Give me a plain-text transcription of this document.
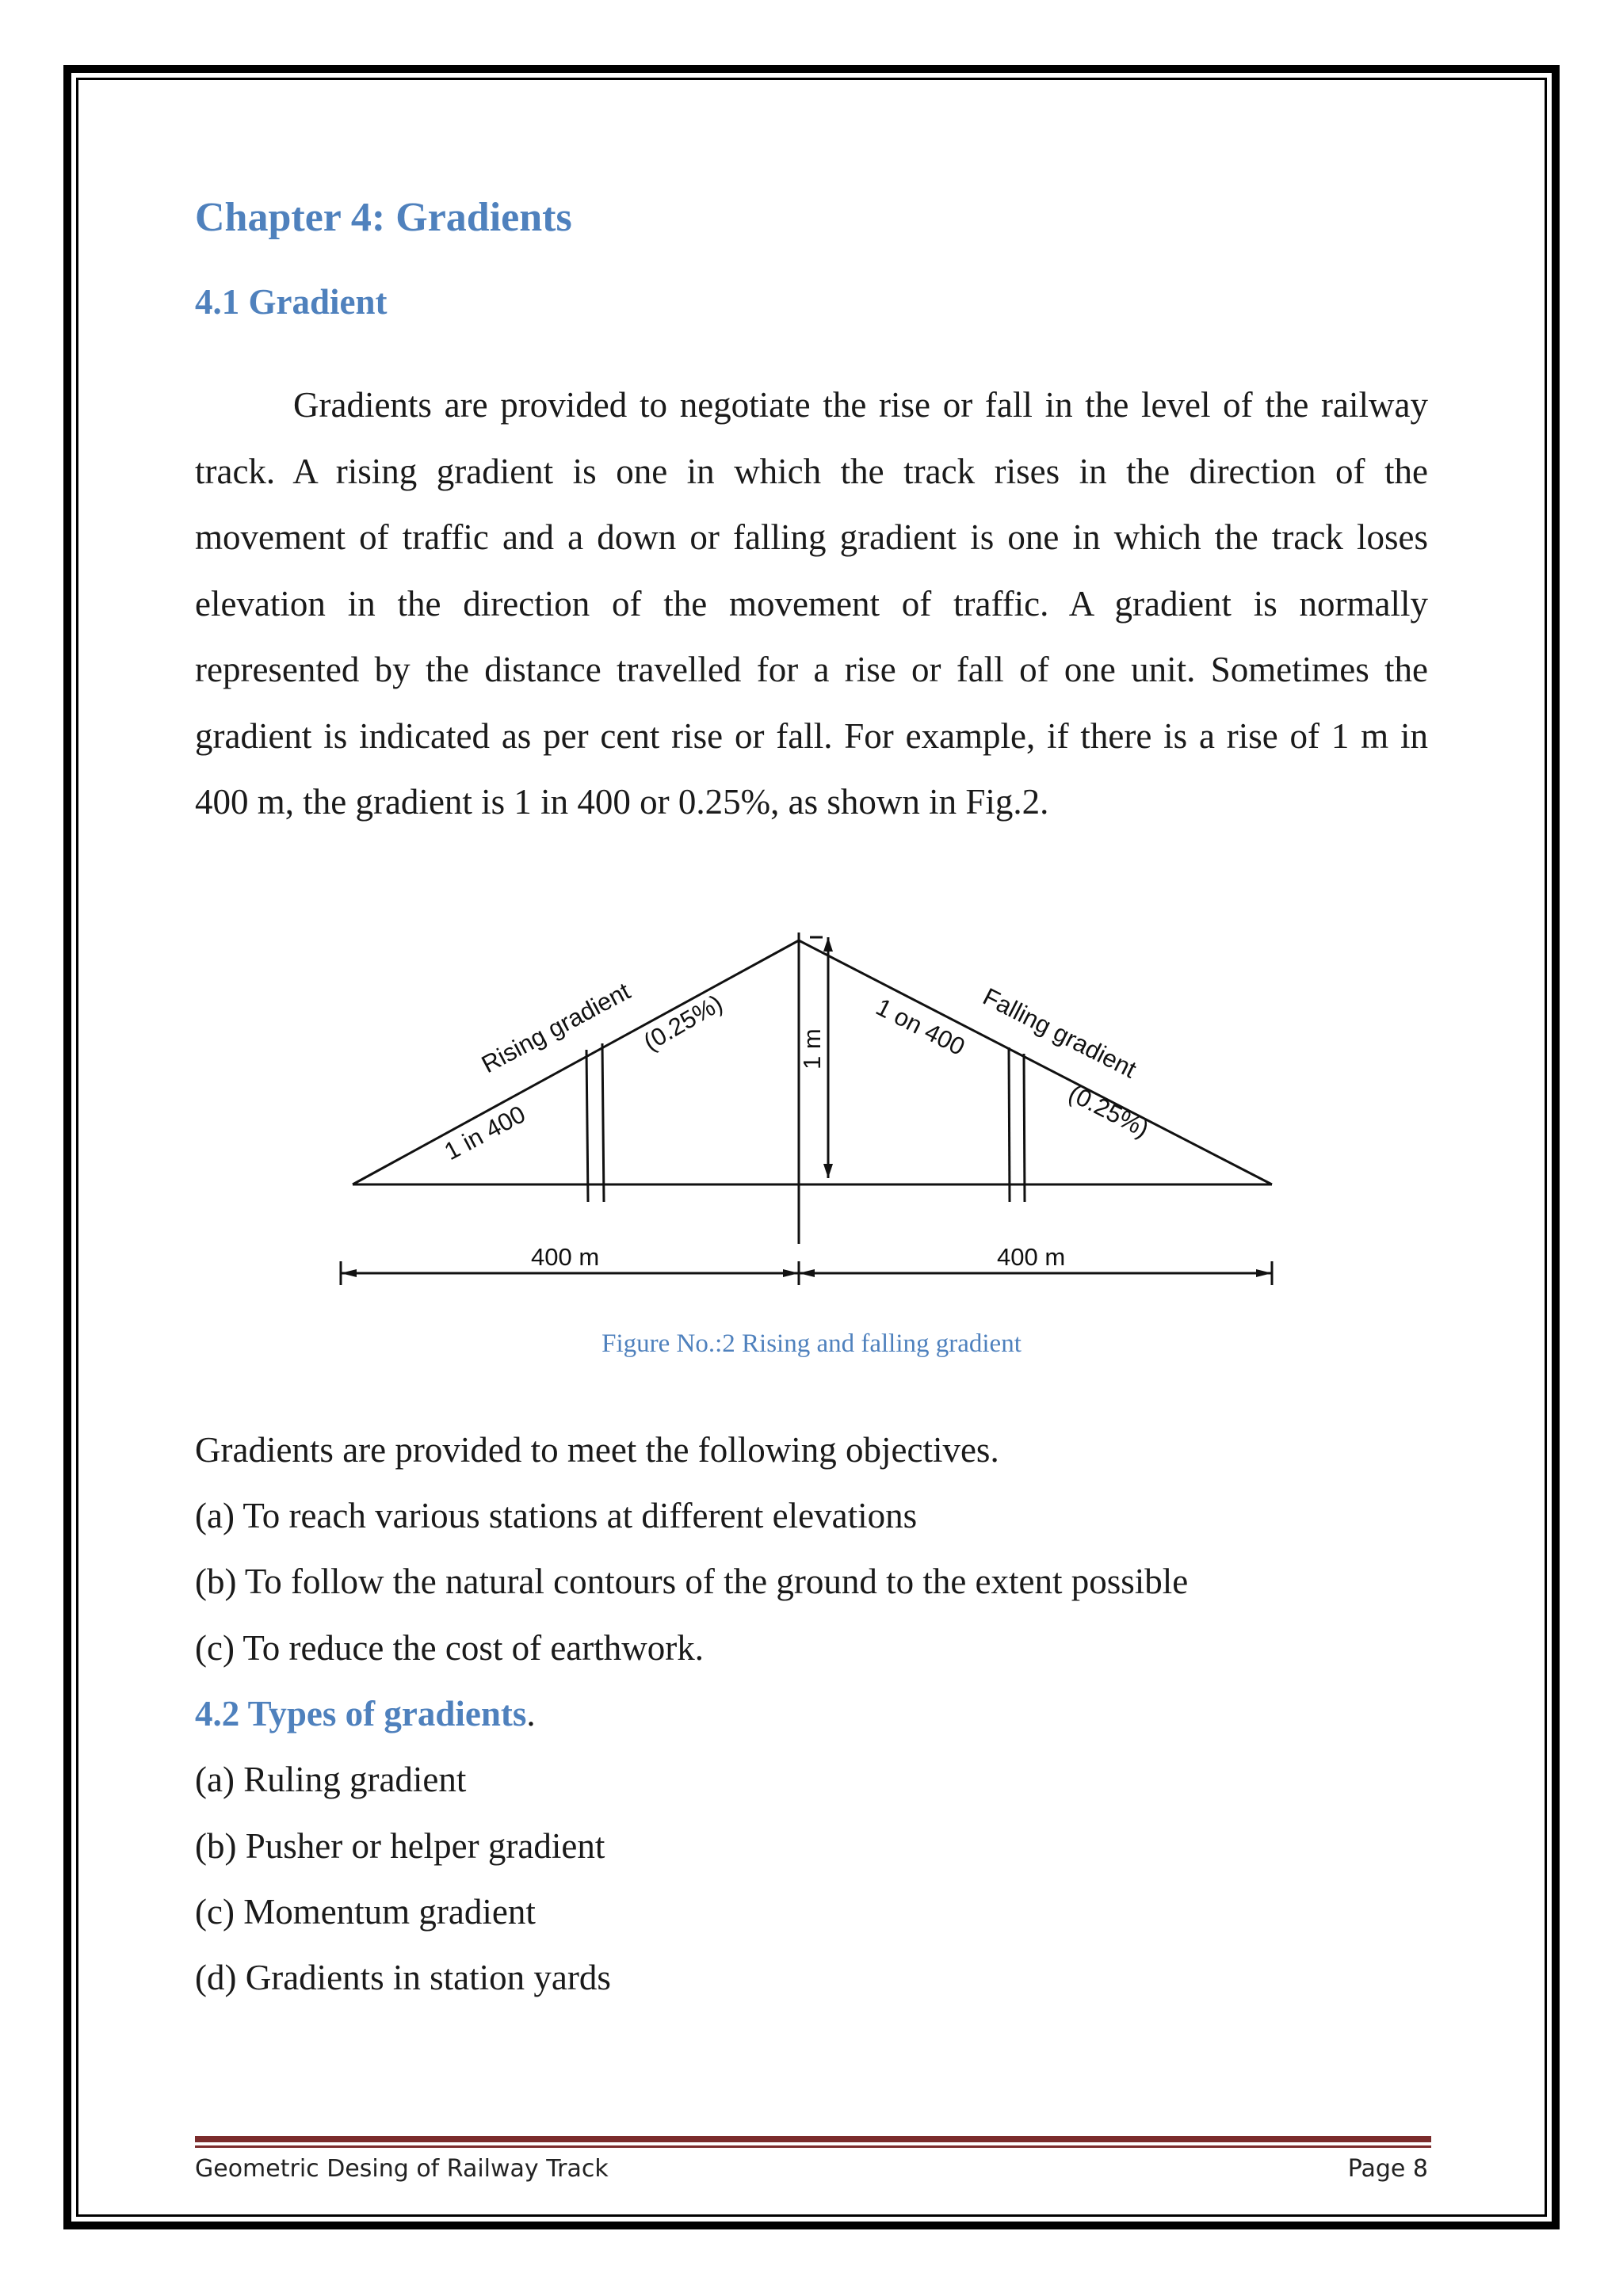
Chapter 4: Gradients
4.1 Gradient

Gradients are provided to negotiate the rise or fall in the level of the railway track. A rising gradient is one in which the track rises in the direction of the movement of traffic and a down or falling gradient is one in which the track loses elevation in the direction of the movement of traffic. A gradient is normally represented by the distance travelled for a rise or fall of one unit. Sometimes the gradient is indicated as per cent rise or fall. For example, if there is a rise of 1 m in 400 m, the gradient is 1 in 400 or 0.25%, as shown in Fig.2.

Rising gradient
1 in 400
(0.25%)	1 m 1 on 400 Falling gradient
(0.25%)
400 m	400 m
Figure No.:2 Rising and falling gradient

Gradients are provided to meet the following objectives.

(a) To reach various stations at different elevations

(b) To follow the natural contours of the ground to the extent possible

(c) To reduce the cost of earthwork.

4.2 Types of gradients.

(a) Ruling gradient

(b) Pusher or helper gradient

(c) Momentum gradient

(d) Gradients in station yards

Geometric Desing of Railway Track	Page 8
